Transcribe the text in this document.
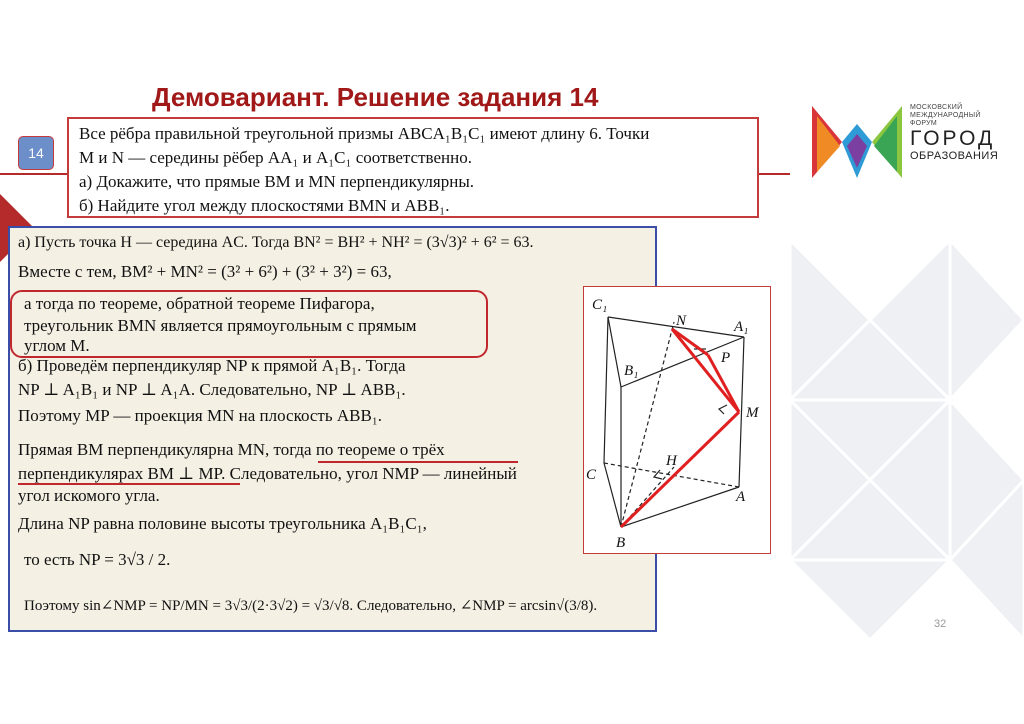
Демовариант. Решение задания 14
14
Все рёбра правильной треугольной призмы ABCA₁B₁C₁ имеют длину 6. Точки
M и N — середины рёбер AA₁ и A₁C₁ соответственно.
а) Докажите, что прямые BM и MN перпендикулярны.
б) Найдите угол между плоскостями BMN и ABB₁.
а) Пусть точка H — середина AC. Тогда BN² = BH² + NH² = (3√3)² + 6² = 63.
Вместе с тем, BM² + MN² = (3² + 6²) + (3² + 3²) = 63,
а тогда по теореме, обратной теореме Пифагора,
треугольник BMN является прямоугольным с прямым
углом M.
б) Проведём перпендикуляр NP к прямой A₁B₁. Тогда
NP ⊥ A₁B₁ и NP ⊥ A₁A. Следовательно, NP ⊥ ABB₁.
Поэтому MP — проекция MN на плоскость ABB₁.
Прямая BM перпендикулярна MN, тогда по теореме о трёх
перпендикулярах BM ⊥ MP. Следовательно, угол NMP — линейный
угол искомого угла.
Длина NP равна половине высоты треугольника A₁B₁C₁,
то есть NP = 3√3 / 2.
Поэтому sin∠NMP = NP/MN = 3√3/(2·3√2) = √3/√8. Следовательно, ∠NMP = arcsin√(3/8).
C₁
N	A₁
P
B₁
M
H
C
A
B
МОСКОВСКИЙ
МЕЖДУНАРОДНЫЙ
ФОРУМ
ГОРОД
ОБРАЗОВАНИЯ
32
